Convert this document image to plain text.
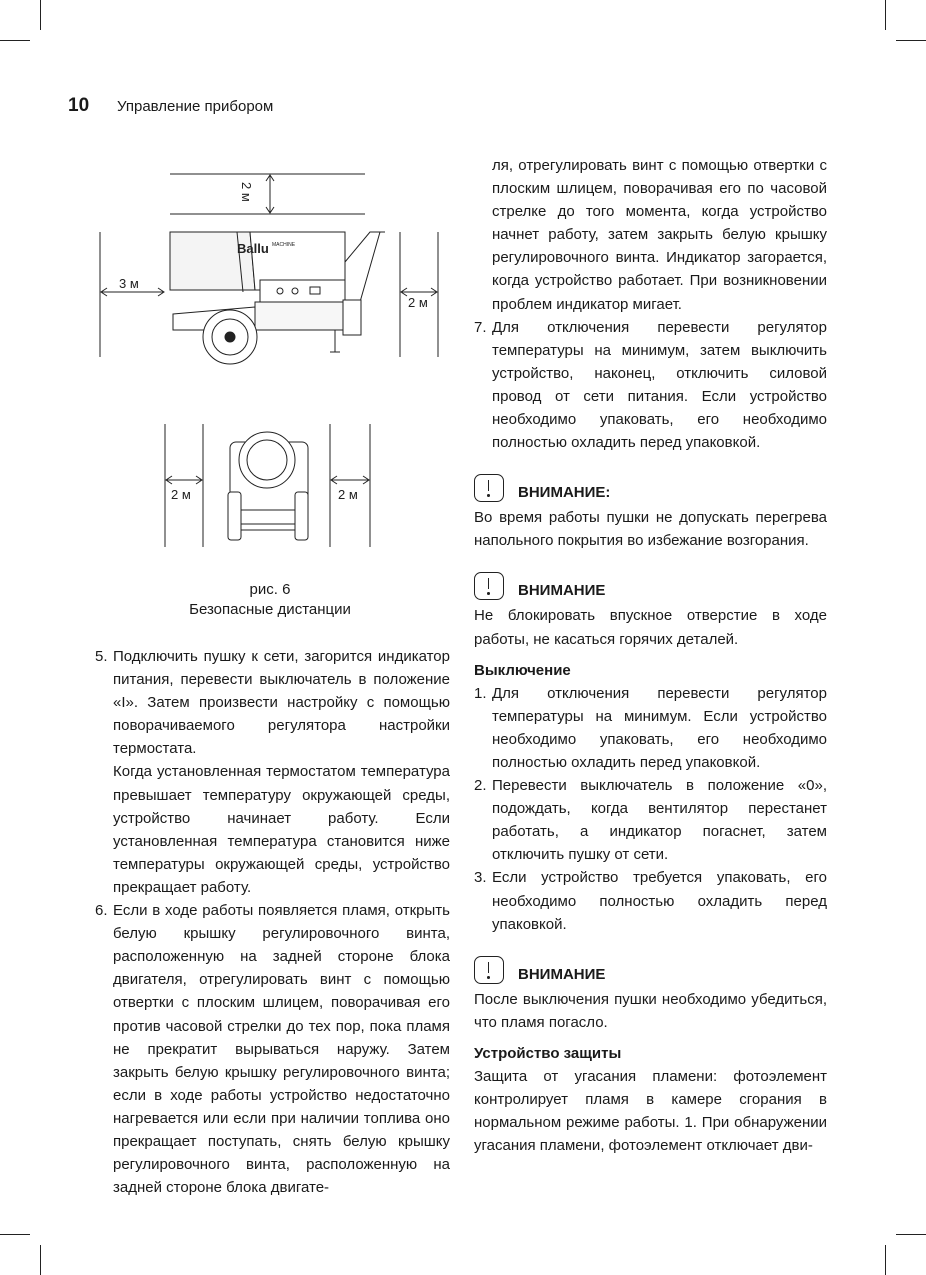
10 Управление прибором
Ballu MACHINE
2 м
3 м
2 м
2 м	2 м
рис. 6
Безопасные дистанции
5. Подключить пушку к сети, загорится индикатор питания, перевести выключатель в положение «I». Затем произвести настройку с помощью поворачиваемого регулятора настройки термостата.

Когда установленная термостатом температура превышает температуру окружающей среды, устройство начинает работу. Если установленная температура становится ниже температуры окружающей среды, устройство прекращает работу.

6. Если в ходе работы появляется пламя, открыть белую крышку регулировочного винта, расположенную на задней стороне блока двигателя, отрегулировать винт с помощью отвертки с плоским шлицем, поворачивая его против часовой стрелки до тех пор, пока пламя не прекратит вырываться наружу. Затем закрыть белую крышку регулировочного винта; если в ходе работы устройство недостаточно нагревается или если при наличии топлива оно прекращает поступать, снять белую крышку регулировочного винта, расположенную на задней стороне блока двигате-

ля, отрегулировать винт с помощью отвертки с плоским шлицем, поворачивая его по часовой стрелке до того момента, когда устройство начнет работу, затем закрыть белую крышку регулировочного винта. Индикатор загорается, когда устройство работает. При возникновении проблем индикатор мигает.

7. Для отключения перевести регулятор температуры на минимум, затем выключить устройство, наконец, отключить силовой провод от сети питания. Если устройство необходимо упаковать, его необходимо полностью охладить перед упаковкой.

ВНИМАНИЕ:

Во время работы пушки не допускать перегрева напольного покрытия во избежание возгорания.

ВНИМАНИЕ

Не блокировать впускное отверстие в ходе работы, не касаться горячих деталей.

Выключение

1. Для отключения перевести регулятор температуры на минимум. Если устройство необходимо упаковать, его необходимо полностью охладить перед упаковкой.

2. Перевести выключатель в положение «0», подождать, когда вентилятор перестанет работать, а индикатор погаснет, затем отключить пушку от сети.

3. Если устройство требуется упаковать, его необходимо полностью охладить перед упаковкой.

ВНИМАНИЕ

После выключения пушки необходимо убедиться, что пламя погасло.

Устройство защиты

Защита от угасания пламени: фотоэлемент контролирует пламя в камере сгорания в нормальном режиме работы. 1. При обнаружении угасания пламени, фотоэлемент отключает дви-
